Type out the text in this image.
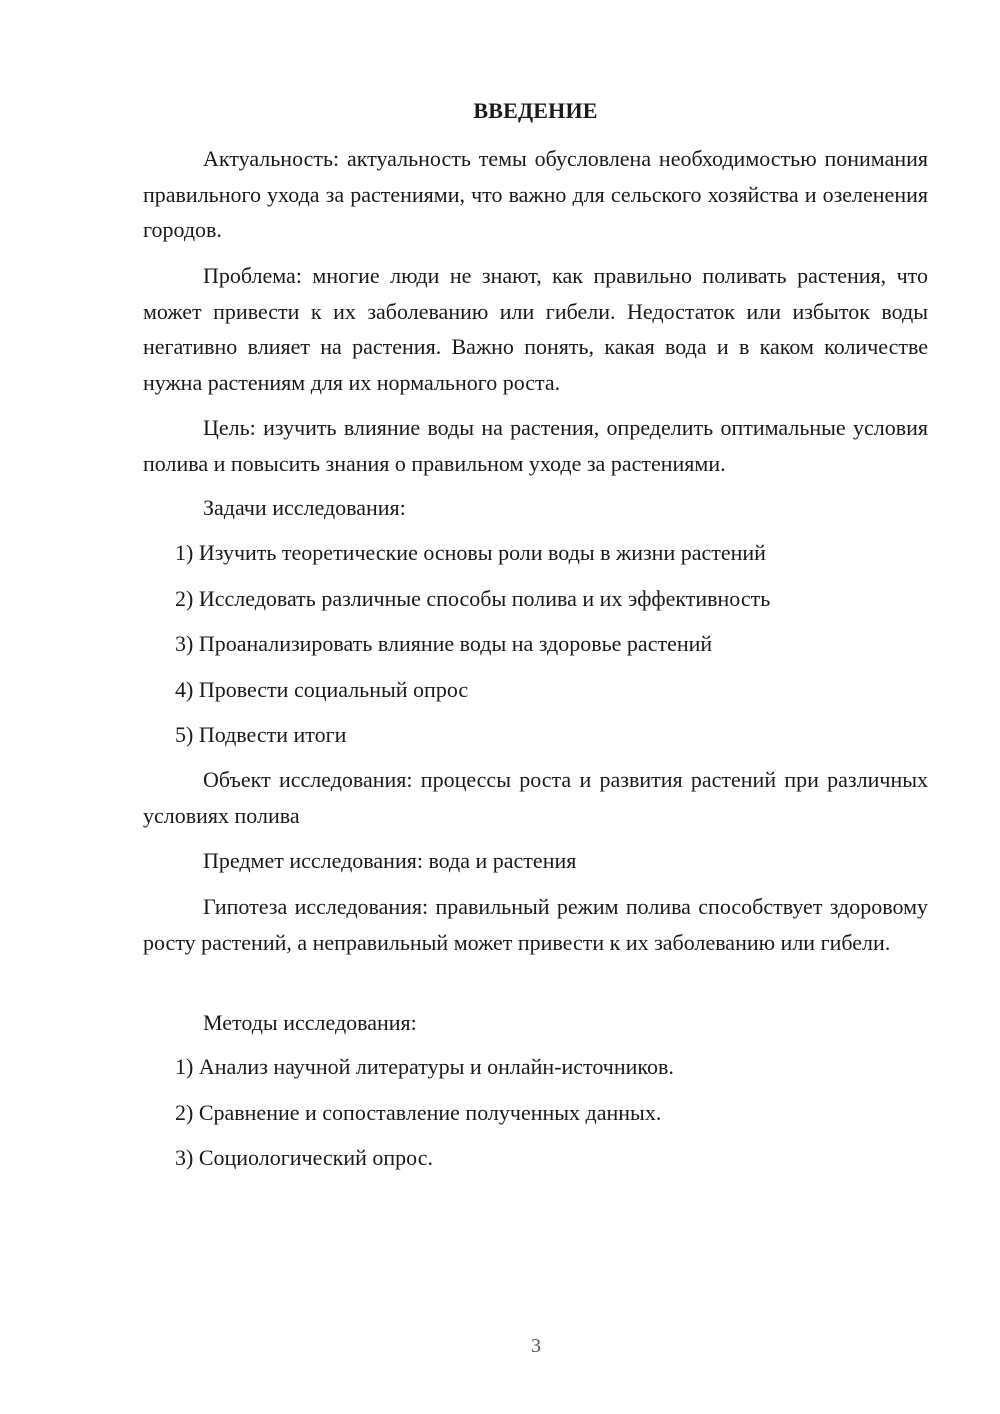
ВВЕДЕНИЕ
Актуальность: актуальность темы обусловлена необходимостью понимания правильного ухода за растениями, что важно для сельского хозяйства и озеленения городов.
Проблема: многие люди не знают, как правильно поливать растения, что может привести к их заболеванию или гибели. Недостаток или избыток воды негативно влияет на растения. Важно понять, какая вода и в каком количестве нужна растениям для их нормального роста.
Цель: изучить влияние воды на растения, определить оптимальные условия полива и повысить знания о правильном уходе за растениями.
Задачи исследования:
1) Изучить теоретические основы роли воды в жизни растений
2) Исследовать различные способы полива и их эффективность
3) Проанализировать влияние воды на здоровье растений
4) Провести социальный опрос
5) Подвести итоги
Объект исследования: процессы роста и развития растений при различных условиях полива
Предмет исследования: вода и растения
Гипотеза исследования: правильный режим полива способствует здоровому росту растений, а неправильный может привести к их заболеванию или гибели.
Методы исследования:
1) Анализ научной литературы и онлайн-источников.
2) Сравнение и сопоставление полученных данных.
3) Социологический опрос.
3
